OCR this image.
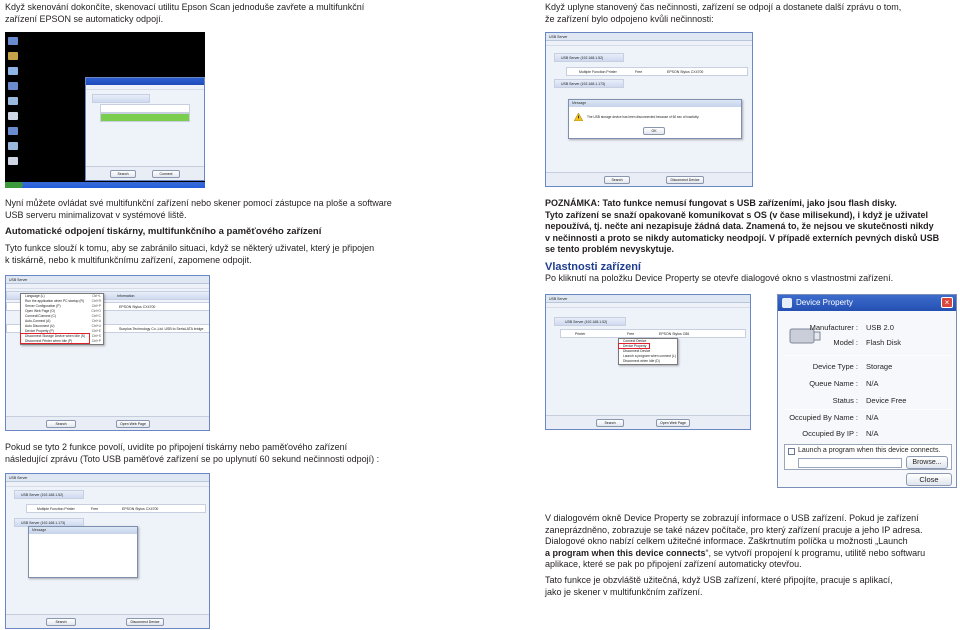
Když skenování dokončíte, skenovací utilitu Epson Scan jednoduše zavřete a multifunkční
zařízení EPSON se automaticky odpojí.
Search	Connect
Nyní můžete ovládat své multifunkční zařízení nebo skener pomocí zástupce na ploše a software
USB serveru minimalizovat v systémové liště.
Automatické odpojení tiskárny, multifunkčního a paměťového zařízení
Tyto funkce slouží k tomu, aby se zabránilo situaci, když se některý uživatel, který je připojen
k tiskárně, nebo k multifunkčnímu zařízení, zapomene odpojit.
USB Server
Information
EPSON Stylus CX4700
Sunplus Technology Co.,Ltd. USB to Serial-ATA bridge
Language (L)	Ctrl+L
Run the application when PC startup (R) Ctrl+R
Server Configuration (P)	Ctrl+P
Open Web Page (O)	Ctrl+O
Connect/Connect (C)	Ctrl+C
Auto-Connect (A)	Ctrl+A
Auto Disconnect (U)	Ctrl+U
Device Property (P)	Ctrl+E
Disconnect Storage Device when Idle (S) Ctrl+S
Disconnect Printer when Idle (P)	Ctrl+P
Search	Open Web Page
Pokud se tyto 2 funkce povolí, uvidíte po připojení tiskárny nebo paměťového zařízení
následující zprávu (Toto USB paměťové zařízení se po uplynutí 60 sekund nečinnosti odpojí) :
USB Server
USB Server (192.168.1.52)
Multiple Function Printer	Free	EPSON Stylus CX4700
USB Server (192.168.1.173)
Message
Search	Disconnect Device
Když uplyne stanovený čas nečinnosti, zařízení se odpojí a dostanete další zprávu o tom,
že zařízení bylo odpojeno kvůli nečinnosti:
USB Server
USB Server (192.168.1.52)
Multiple Function Printer	Free	EPSON Stylus CX4700
USB Server (192.168.1.173)
Message
The USB storage device has been disconnected because of 60 sec of inactivity.
OK
Search	Disconnect Device
POZNÁMKA: Tato funkce nemusí fungovat s USB zařízeními, jako jsou flash disky.
Tyto zařízení se snaží opakovaně komunikovat s OS (v čase milisekund), i když je uživatel
nepoužívá, tj. nečte ani nezapisuje žádná data. Znamená to, že nejsou ve skutečnosti nikdy
v nečinnosti a proto se nikdy automaticky neodpojí. V případě externích pevných disků USB
se tento problém nevyskytuje.
Vlastnosti zařízení
Po kliknutí na položku Device Property se otevře dialogové okno s vlastnostmi zařízení.
USB Server
USB Server (192.168.1.52)
Printer	Free	EPSON Stylus C86
Connect Device
Device Property
Disconnect Device
Launch a program when connect (L)
Disconnect when Idle (D)
Search	Open Web Page
Device Property	×
Manufacturer : USB 2.0
Model : Flash Disk
Device Type : Storage
Queue Name : N/A
Status : Device Free
Occupied By Name : N/A
Occupied By IP : N/A
Launch a program when this device connects.
Browse...
Close
V dialogovém okně Device Property se zobrazují informace o USB zařízení. Pokud je zařízení
zaneprázdněno, zobrazuje se také název počítače, pro který zařízení pracuje a jeho IP adresa.
Dialogové okno nabízí celkem užitečné informace. Zaškrtnutím políčka u možnosti „Launch
a program when this device connects“, se vytvoří propojení k programu, utilitě nebo softwaru
aplikace, které se pak po připojení zařízení automaticky otevřou.
Tato funkce je obzvláště užitečná, když USB zařízení, které připojíte, pracuje s aplikací,
jako je skener v multifunkčním zařízení.
